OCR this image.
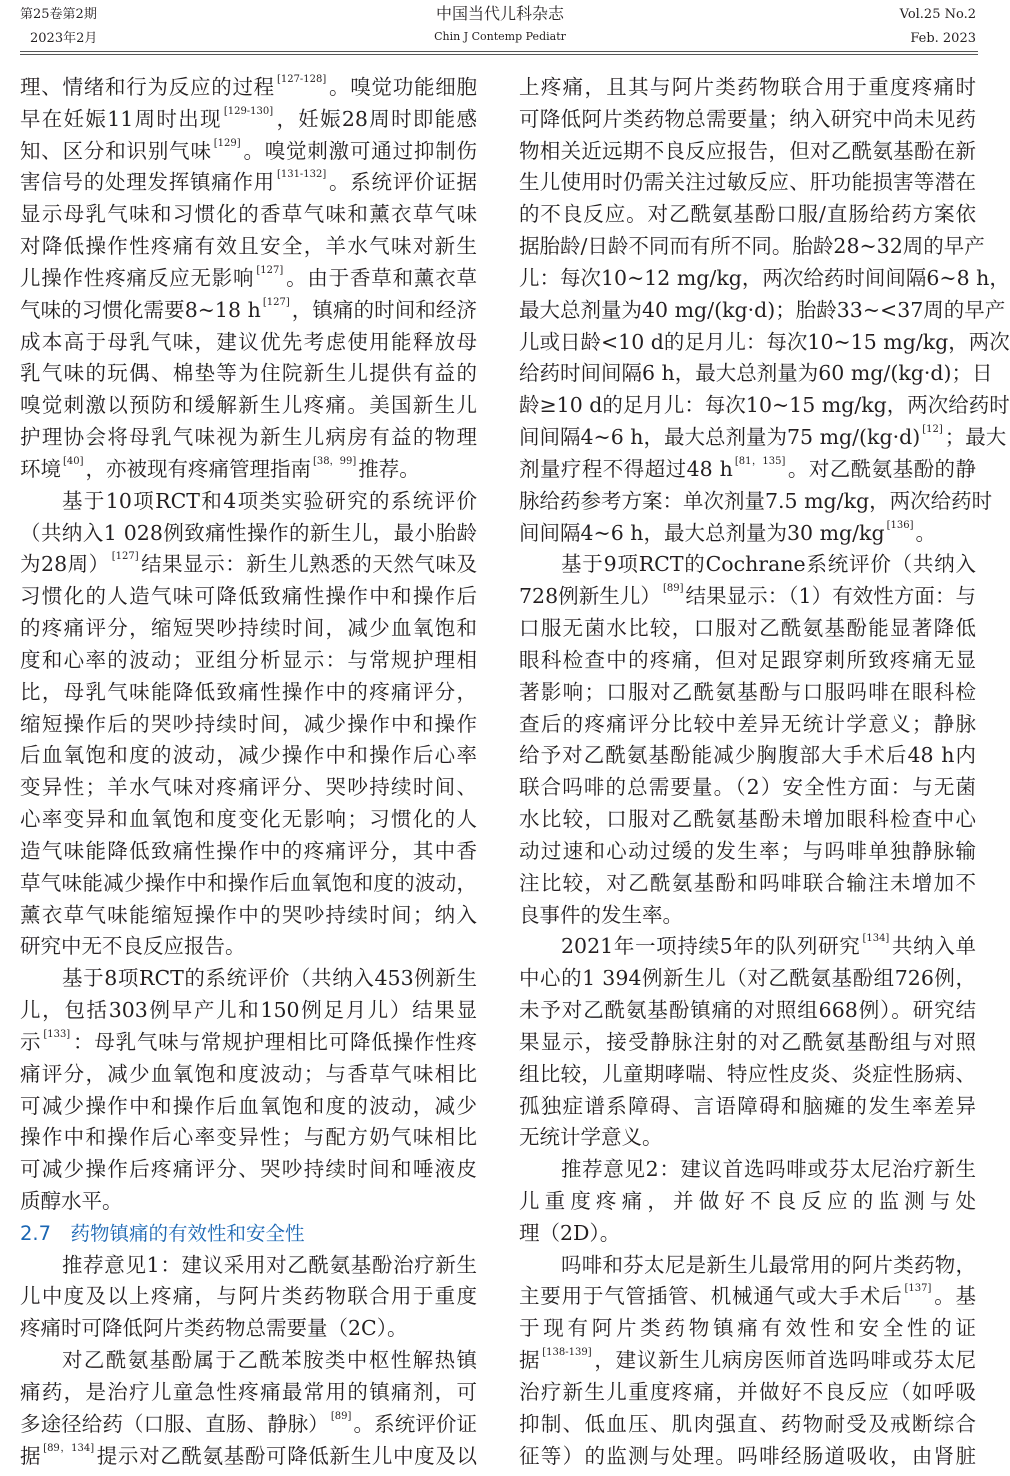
第25卷第2期
2023年2月
中国当代儿科杂志
Chin J Contemp Pediatr
Vol.25 No.2
Feb. 2023
理、情绪和行为反应的过程 [127-128]。嗅觉功能细胞
早在妊娠11周时出现 [129-130]，妊娠28周时即能感
知、区分和识别气味 [129]。嗅觉刺激可通过抑制伤
害信号的处理发挥镇痛作用 [131-132]。系统评价证据
显示母乳气味和习惯化的香草气味和薰衣草气味
对降低操作性疼痛有效且安全，羊水气味对新生
儿操作性疼痛反应无影响 [127]。由于香草和薰衣草
气味的习惯化需要8~18 h [127]，镇痛的时间和经济
成本高于母乳气味，建议优先考虑使用能释放母
乳气味的玩偶、棉垫等为住院新生儿提供有益的
嗅觉刺激以预防和缓解新生儿疼痛。美国新生儿
护理协会将母乳气味视为新生儿病房有益的物理
环境 [40]，亦被现有疼痛管理指南 [38，99]推荐。
基于10项RCT和4项类实验研究的系统评价
（共纳入1 028例致痛性操作的新生儿，最小胎龄
为28周） [127]结果显示：新生儿熟悉的天然气味及
习惯化的人造气味可降低致痛性操作中和操作后
的疼痛评分，缩短哭吵持续时间，减少血氧饱和
度和心率的波动；亚组分析显示：与常规护理相
比，母乳气味能降低致痛性操作中的疼痛评分，
缩短操作后的哭吵持续时间，减少操作中和操作
后血氧饱和度的波动，减少操作中和操作后心率
变异性；羊水气味对疼痛评分、哭吵持续时间、
心率变异和血氧饱和度变化无影响；习惯化的人
造气味能降低致痛性操作中的疼痛评分，其中香
草气味能减少操作中和操作后血氧饱和度的波动，
薰衣草气味能缩短操作中的哭吵持续时间；纳入
研究中无不良反应报告。
基于8项RCT的系统评价（共纳入453例新生
儿，包括303例早产儿和150例足月儿）结果显
示 [133]：母乳气味与常规护理相比可降低操作性疼
痛评分，减少血氧饱和度波动；与香草气味相比
可减少操作中和操作后血氧饱和度的波动，减少
操作中和操作后心率变异性；与配方奶气味相比
可减少操作后疼痛评分、哭吵持续时间和唾液皮
质醇水平。
2.7　药物镇痛的有效性和安全性
推荐意见1：建议采用对乙酰氨基酚治疗新生
儿中度及以上疼痛，与阿片类药物联合用于重度
疼痛时可降低阿片类药物总需要量（2C）。
对乙酰氨基酚属于乙酰苯胺类中枢性解热镇
痛药，是治疗儿童急性疼痛最常用的镇痛剂，可
多途径给药（口服、直肠、静脉） [89]。系统评价证
据 [89，134]提示对乙酰氨基酚可降低新生儿中度及以
上疼痛，且其与阿片类药物联合用于重度疼痛时
可降低阿片类药物总需要量；纳入研究中尚未见药
物相关近远期不良反应报告，但对乙酰氨基酚在新
生儿使用时仍需关注过敏反应、肝功能损害等潜在
的不良反应。对乙酰氨基酚口服/直肠给药方案依
据胎龄/日龄不同而有所不同。胎龄28~32周的早产
儿：每次10~12 mg/kg，两次给药时间间隔6~8 h，
最大总剂量为40 mg/(kg·d)；胎龄33~<37周的早产
儿或日龄<10 d的足月儿：每次10~15 mg/kg，两次
给药时间间隔6 h，最大总剂量为60 mg/(kg·d)；日
龄≥10 d的足月儿：每次10~15 mg/kg，两次给药时
间间隔4~6 h，最大总剂量为75 mg/(kg·d) [12]；最大
剂量疗程不得超过48 h [81，135]。对乙酰氨基酚的静
脉给药参考方案：单次剂量7.5 mg/kg，两次给药时
间间隔4~6 h，最大总剂量为30 mg/kg [136]。
基于9项RCT的Cochrane系统评价（共纳入
728例新生儿） [89]结果显示：（1）有效性方面：与
口服无菌水比较，口服对乙酰氨基酚能显著降低
眼科检查中的疼痛，但对足跟穿刺所致疼痛无显
著影响；口服对乙酰氨基酚与口服吗啡在眼科检
查后的疼痛评分比较中差异无统计学意义；静脉
给予对乙酰氨基酚能减少胸腹部大手术后48 h内
联合吗啡的总需要量。（2）安全性方面：与无菌
水比较，口服对乙酰氨基酚未增加眼科检查中心
动过速和心动过缓的发生率；与吗啡单独静脉输
注比较，对乙酰氨基酚和吗啡联合输注未增加不
良事件的发生率。
2021年一项持续5年的队列研究 [134]共纳入单
中心的1 394例新生儿（对乙酰氨基酚组726例，
未予对乙酰氨基酚镇痛的对照组668例）。研究结
果显示，接受静脉注射的对乙酰氨基酚组与对照
组比较，儿童期哮喘、特应性皮炎、炎症性肠病、
孤独症谱系障碍、言语障碍和脑瘫的发生率差异
无统计学意义。
推荐意见2：建议首选吗啡或芬太尼治疗新生
儿重度疼痛，并做好不良反应的监测与处
理（2D）。
吗啡和芬太尼是新生儿最常用的阿片类药物，
主要用于气管插管、机械通气或大手术后 [137]。基
于现有阿片类药物镇痛有效性和安全性的证
据 [138-139]，建议新生儿病房医师首选吗啡或芬太尼
治疗新生儿重度疼痛，并做好不良反应（如呼吸
抑制、低血压、肌肉强直、药物耐受及戒断综合
征等）的监测与处理。吗啡经肠道吸收，由肾脏
